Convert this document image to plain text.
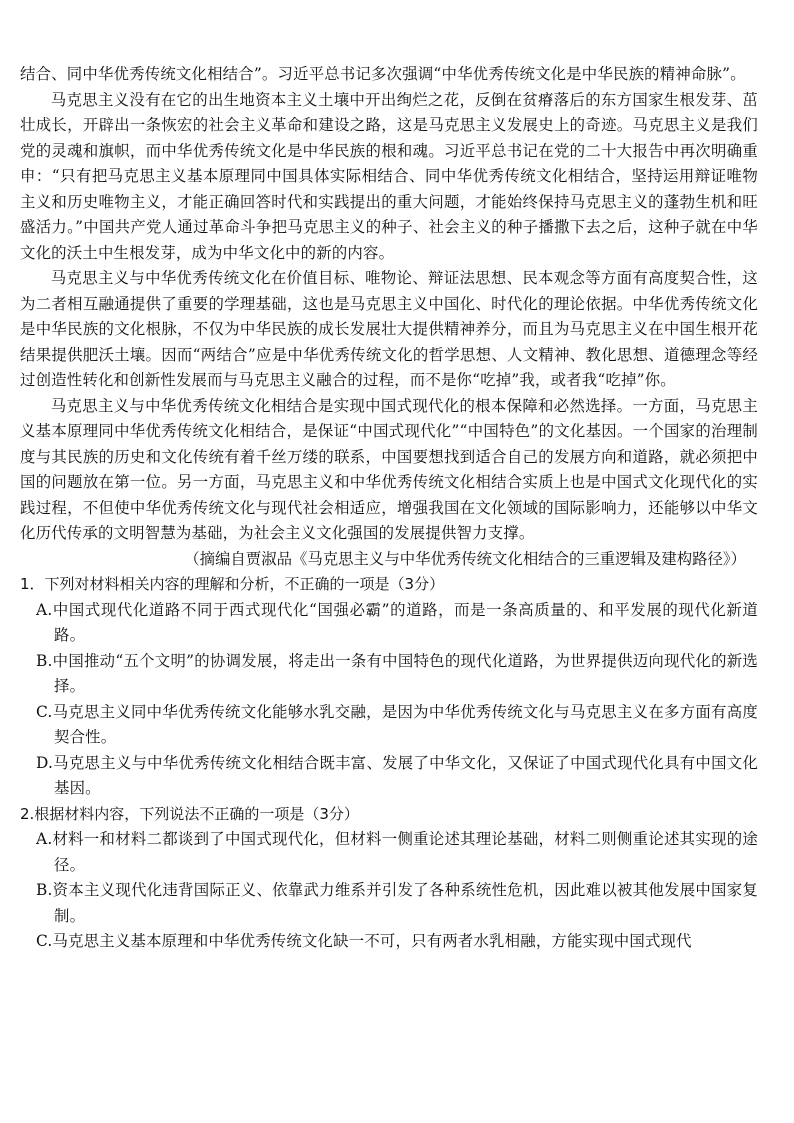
结合、同中华优秀传统文化相结合”。习近平总书记多次强调“中华优秀传统文化是中华民族的精神命脉”。

马克思主义没有在它的出生地资本主义土壤中开出绚烂之花，反倒在贫瘠落后的东方国家生根发芽、茁壮成长，开辟出一条恢宏的社会主义革命和建设之路，这是马克思主义发展史上的奇迹。马克思主义是我们党的灵魂和旗帜，而中华优秀传统文化是中华民族的根和魂。习近平总书记在党的二十大报告中再次明确重申：“只有把马克思主义基本原理同中国具体实际相结合、同中华优秀传统文化相结合，坚持运用辩证唯物主义和历史唯物主义，才能正确回答时代和实践提出的重大问题，才能始终保持马克思主义的蓬勃生机和旺盛活力。”中国共产党人通过革命斗争把马克思主义的种子、社会主义的种子播撒下去之后，这种子就在中华文化的沃土中生根发芽，成为中华文化中的新的内容。

马克思主义与中华优秀传统文化在价值目标、唯物论、辩证法思想、民本观念等方面有高度契合性，这为二者相互融通提供了重要的学理基础，这也是马克思主义中国化、时代化的理论依据。中华优秀传统文化是中华民族的文化根脉，不仅为中华民族的成长发展壮大提供精神养分，而且为马克思主义在中国生根开花结果提供肥沃土壤。因而“两结合”应是中华优秀传统文化的哲学思想、人文精神、教化思想、道德理念等经过创造性转化和创新性发展而与马克思主义融合的过程，而不是你“吃掉”我，或者我“吃掉”你。

马克思主义与中华优秀传统文化相结合是实现中国式现代化的根本保障和必然选择。一方面，马克思主义基本原理同中华优秀传统文化相结合，是保证“中国式现代化”“中国特色”的文化基因。一个国家的治理制度与其民族的历史和文化传统有着千丝万缕的联系，中国要想找到适合自己的发展方向和道路，就必须把中国的问题放在第一位。另一方面，马克思主义和中华优秀传统文化相结合实质上也是中国式文化现代化的实践过程，不但使中华优秀传统文化与现代社会相适应，增强我国在文化领域的国际影响力，还能够以中华文化历代传承的文明智慧为基础，为社会主义文化强国的发展提供智力支撑。

（摘编自贾淑品《马克思主义与中华优秀传统文化相结合的三重逻辑及建构路径》）

1．下列对材料相关内容的理解和分析，不正确的一项是（3分）

A.中国式现代化道路不同于西式现代化“国强必霸”的道路，而是一条高质量的、和平发展的现代化新道路。

B.中国推动“五个文明”的协调发展，将走出一条有中国特色的现代化道路，为世界提供迈向现代化的新选择。

C.马克思主义同中华优秀传统文化能够水乳交融，是因为中华优秀传统文化与马克思主义在多方面有高度契合性。

D.马克思主义与中华优秀传统文化相结合既丰富、发展了中华文化，又保证了中国式现代化具有中国文化基因。

2.根据材料内容，下列说法不正确的一项是（3分）

A.材料一和材料二都谈到了中国式现代化，但材料一侧重论述其理论基础，材料二则侧重论述其实现的途径。

B.资本主义现代化违背国际正义、依靠武力维系并引发了各种系统性危机，因此难以被其他发展中国家复制。

C.马克思主义基本原理和中华优秀传统文化缺一不可，只有两者水乳相融，方能实现中国式现代
